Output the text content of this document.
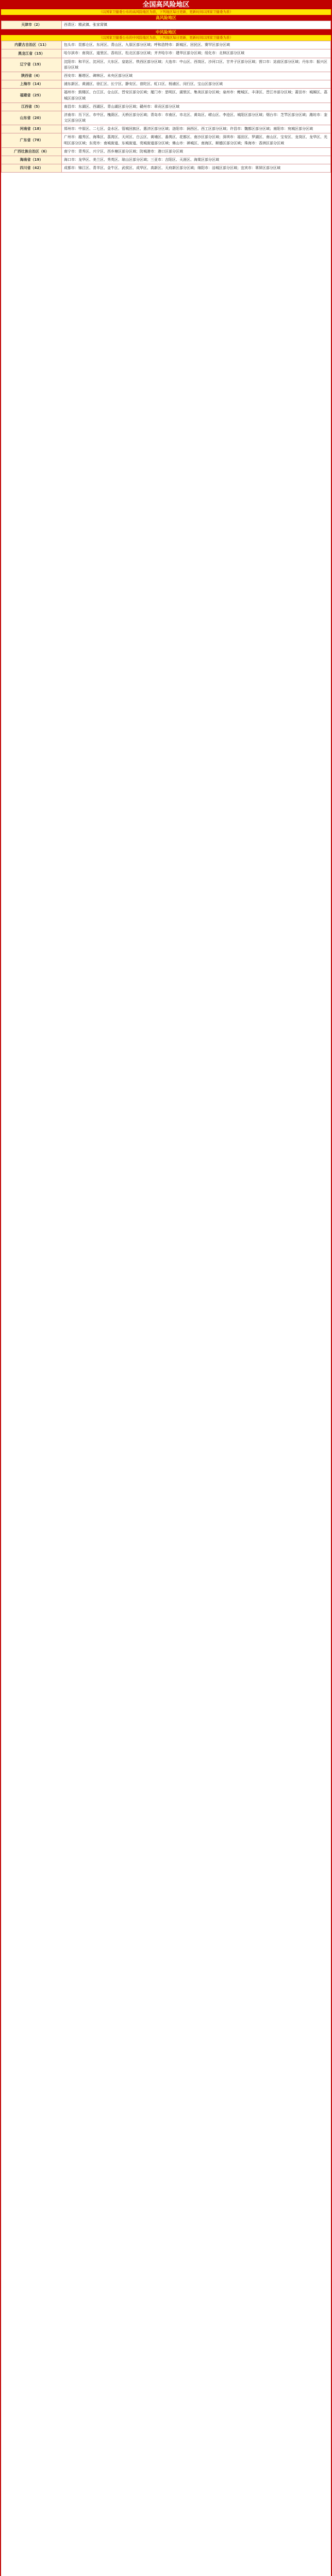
全国高风险地区
（以国家卫健委公布的高风险地区为准，下列地区每日更新，更新时间以国家卫健委为准）
高风险地区
天津市（2）	西青区：精武镇、张家窝镇
中风险地区
（以国家卫健委公布的中风险地区为准，下列地区每日更新，更新时间以国家卫健委为准）
内蒙古自治区（11）	包头市：昆都仑区、东河区、青山区、九原区部分区域；呼和浩特市：新城区、回民区、赛罕区部分区域
黑龙江省（15）	哈尔滨市：南岗区、道里区、香坊区、松北区部分区域；齐齐哈尔市：建华区部分区域；绥化市：北林区部分区域
辽宁省（19）	沈阳市：和平区、沈河区、大东区、皇姑区、铁西区部分区域；大连市：中山区、西岗区、沙河口区、甘井子区部分区域；营口市：站前区部分区域；丹东市：振兴区部分区域
陕西省（4）	西安市：雁塔区、碑林区、未央区部分区域
上海市（14）	浦东新区、黄浦区、徐汇区、长宁区、静安区、普陀区、虹口区、杨浦区、闵行区、宝山区部分区域
福建省（25）	福州市：鼓楼区、台江区、仓山区、晋安区部分区域；厦门市：思明区、湖里区、集美区部分区域；泉州市：鲤城区、丰泽区、晋江市部分区域；莆田市：城厢区、荔城区部分区域
江西省（5）	南昌市：东湖区、西湖区、青山湖区部分区域；赣州市：章贡区部分区域
山东省（20）	济南市：历下区、市中区、槐荫区、天桥区部分区域；青岛市：市南区、市北区、黄岛区、崂山区、李沧区、城阳区部分区域；烟台市：芝罘区部分区域；潍坊市：奎文区部分区域
河南省（18）	郑州市：中原区、二七区、金水区、管城回族区、惠济区部分区域；洛阳市：涧西区、西工区部分区域；许昌市：魏都区部分区域；南阳市：宛城区部分区域
广东省（78）	广州市：越秀区、海珠区、荔湾区、天河区、白云区、黄埔区、番禺区、花都区、南沙区部分区域；深圳市：福田区、罗湖区、南山区、宝安区、龙岗区、龙华区、光明区部分区域；东莞市：南城街道、东城街道、莞城街道部分区域；佛山市：禅城区、南海区、顺德区部分区域；珠海市：香洲区部分区域
广西壮族自治区（6）	南宁市：青秀区、兴宁区、西乡塘区部分区域；防城港市：港口区部分区域
海南省（19）	海口市：龙华区、美兰区、秀英区、琼山区部分区域；三亚市：吉阳区、天涯区、海棠区部分区域
四川省（42）	成都市：锦江区、青羊区、金牛区、武侯区、成华区、高新区、天府新区部分区域；绵阳市：涪城区部分区域；宜宾市：翠屏区部分区域
